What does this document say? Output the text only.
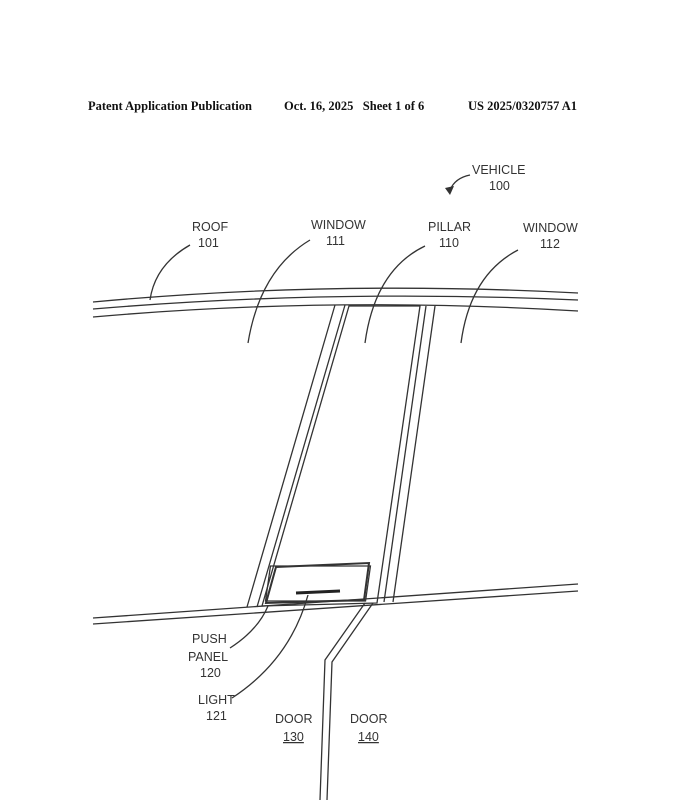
Patent Application Publication	Oct. 16, 2025   Sheet 1 of 6	US 2025/0320757 A1
VEHICLE
100
ROOF
101
WINDOW
111
PILLAR
110
WINDOW
112
PUSH
PANEL
120
LIGHT
121	DOOR
130
DOOR
140
